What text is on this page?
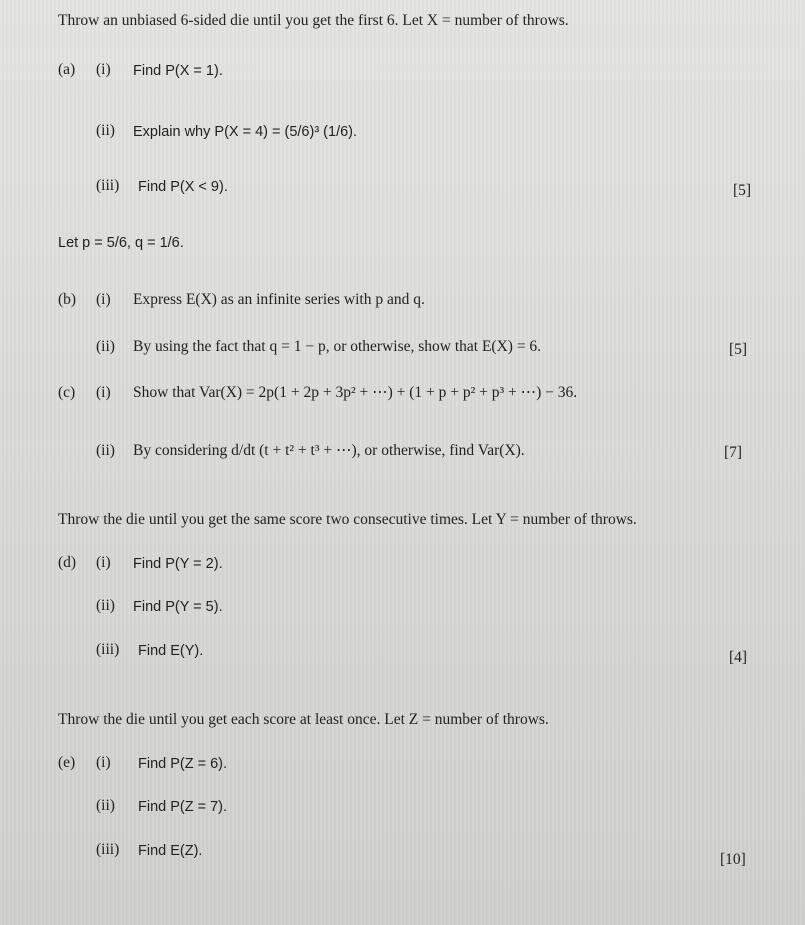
Throw an unbiased 6-sided die until you get the first 6. Let X = number of throws.
(a) (i) Find P(X = 1).
(ii) Explain why P(X = 4) = (5/6)³ (1/6).
(iii) Find P(X < 9).	[5]
Let p = 5/6, q = 1/6.
(b) (i) Express E(X) as an infinite series with p and q.
(ii) By using the fact that q = 1 − p, or otherwise, show that E(X) = 6.	[5]
(c) (i) Show that Var(X) = 2p(1 + 2p + 3p² + ⋯) + (1 + p + p² + p³ + ⋯) − 36.
(ii) By considering d/dt (t + t² + t³ + ⋯), or otherwise, find Var(X).	[7]
Throw the die until you get the same score two consecutive times. Let Y = number of throws.
(d) (i) Find P(Y = 2).
(ii) Find P(Y = 5).
(iii) Find E(Y).	[4]
Throw the die until you get each score at least once. Let Z = number of throws.
(e) (i) Find P(Z = 6).
(ii) Find P(Z = 7).
(iii) Find E(Z).	[10]
